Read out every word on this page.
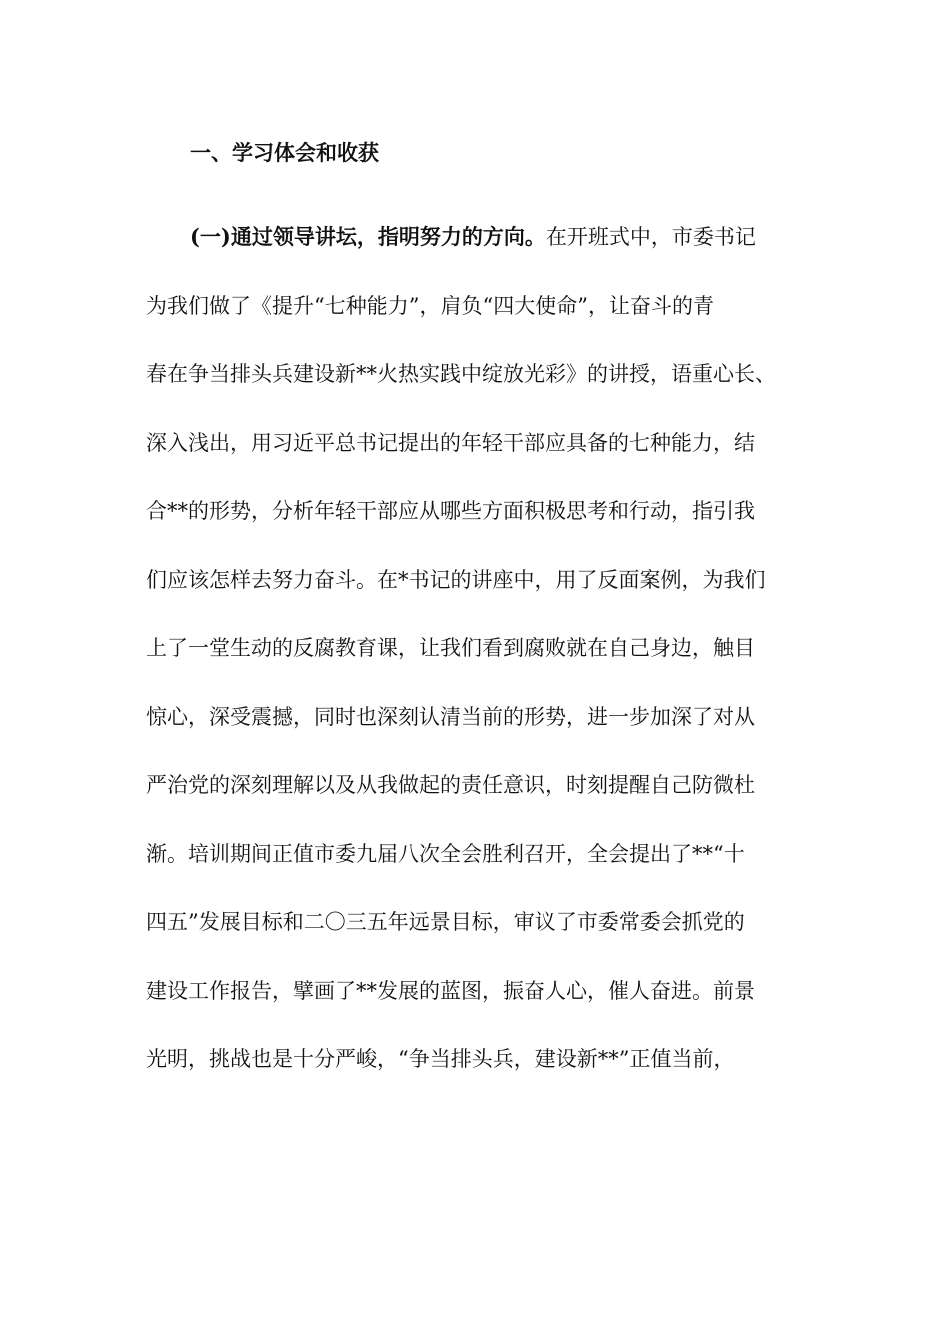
一、学习体会和收获
(一)通过领导讲坛，指明努力的方向。在开班式中，市委书记
为我们做了《提升“七种能力”，肩负“四大使命”，让奋斗的青
春在争当排头兵建设新**火热实践中绽放光彩》的讲授，语重心长、
深入浅出，用习近平总书记提出的年轻干部应具备的七种能力，结
合**的形势，分析年轻干部应从哪些方面积极思考和行动，指引我
们应该怎样去努力奋斗。在*书记的讲座中，用了反面案例，为我们
上了一堂生动的反腐教育课，让我们看到腐败就在自己身边，触目
惊心，深受震撼，同时也深刻认清当前的形势，进一步加深了对从
严治党的深刻理解以及从我做起的责任意识，时刻提醒自己防微杜
渐。培训期间正值市委九届八次全会胜利召开，全会提出了**“十
四五”发展目标和二〇三五年远景目标，审议了市委常委会抓党的
建设工作报告，擘画了**发展的蓝图，振奋人心，催人奋进。前景
光明，挑战也是十分严峻，“争当排头兵，建设新**”正值当前，
